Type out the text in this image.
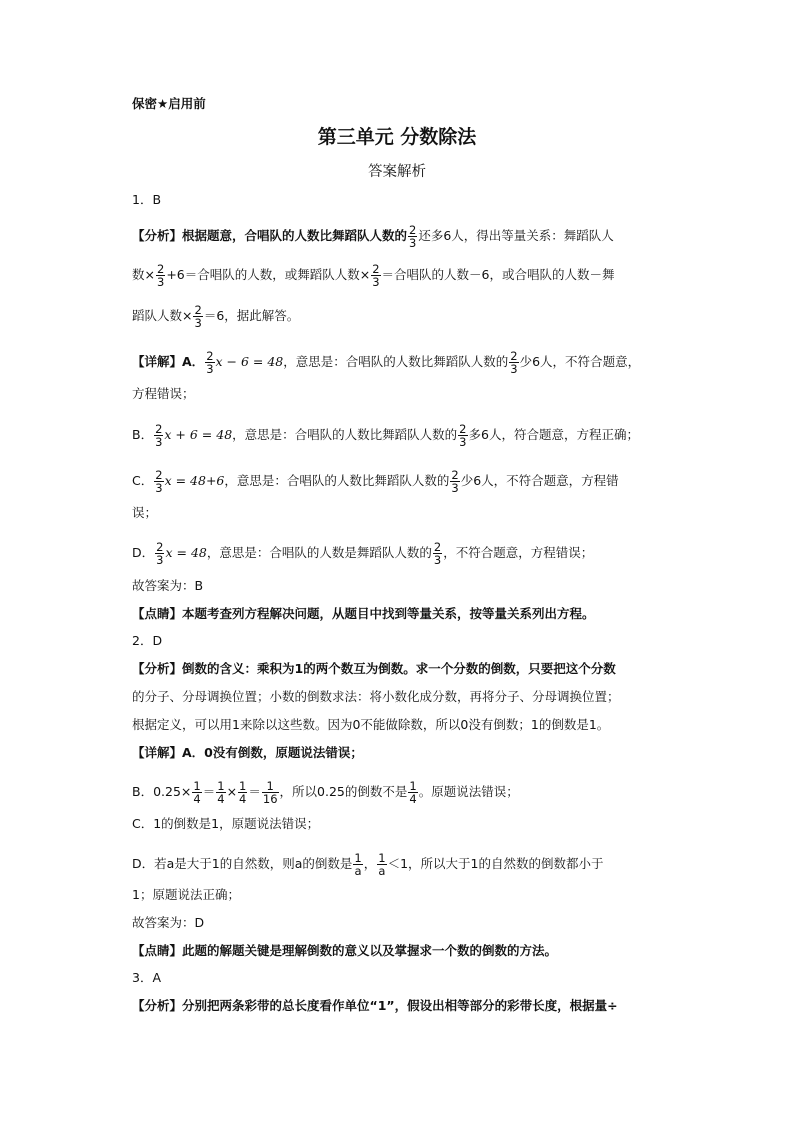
保密★启用前
第三单元 分数除法
答案解析
1．B
【分析】根据题意，合唱队的人数比舞蹈队人数的 $\frac{2}{3}$ 还多6人，得出等量关系：舞蹈队人
数× $\frac{2}{3} +6=$合唱队的人数，或舞蹈队人数× $\frac{2}{3}$ ＝合唱队的人数－6，或合唱队的人数－舞
蹈队人数× $\frac{2}{3} =6$，据此解答。
【详解】A． $\frac{2}{3}$ x − 6 = 48，意思是：合唱队的人数比舞蹈队人数的 $\frac{2}{3}$ 少6人，不符合题意，
方程错误；
B． $\frac{2}{3}$ x + 6 = 48，意思是：合唱队的人数比舞蹈队人数的 $\frac{2}{3}$ 多6人，符合题意，方程正确；
C． $\frac{2}{3}$ x = 48+6，意思是：合唱队的人数比舞蹈队人数的 $\frac{2}{3}$ 少6人，不符合题意，方程错
误；
D． $\frac{2}{3}$ x = 48，意思是：合唱队的人数是舞蹈队人数的 $\frac{2}{3}$ ，不符合题意，方程错误；
故答案为：B
【点睛】本题考查列方程解决问题，从题目中找到等量关系，按等量关系列出方程。
2．D
【分析】倒数的含义：乘积为1的两个数互为倒数。求一个分数的倒数，只要把这个分数
的分子、分母调换位置；小数的倒数求法：将小数化成分数，再将分子、分母调换位置；
根据定义，可以用1来除以这些数。因为0不能做除数，所以0没有倒数；1的倒数是1。
【详解】A．0没有倒数，原题说法错误；
B．$0.25\times \frac{1}{4} = \frac{1}{4} \times \frac{1}{4} = \frac{1}{16}$ ，所以0.25的倒数不是 $\frac{1}{4}$ 。原题说法错误；
C．1的倒数是1，原题说法错误；
D．若a是大于1的自然数，则a的倒数是 $\frac{1}{a}$ ， $\frac{1}{a} <1$，所以大于1的自然数的倒数都小于
1；原题说法正确；
故答案为：D
【点睛】此题的解题关键是理解倒数的意义以及掌握求一个数的倒数的方法。
3．A
【分析】分别把两条彩带的总长度看作单位“1”，假设出相等部分的彩带长度，根据量÷
